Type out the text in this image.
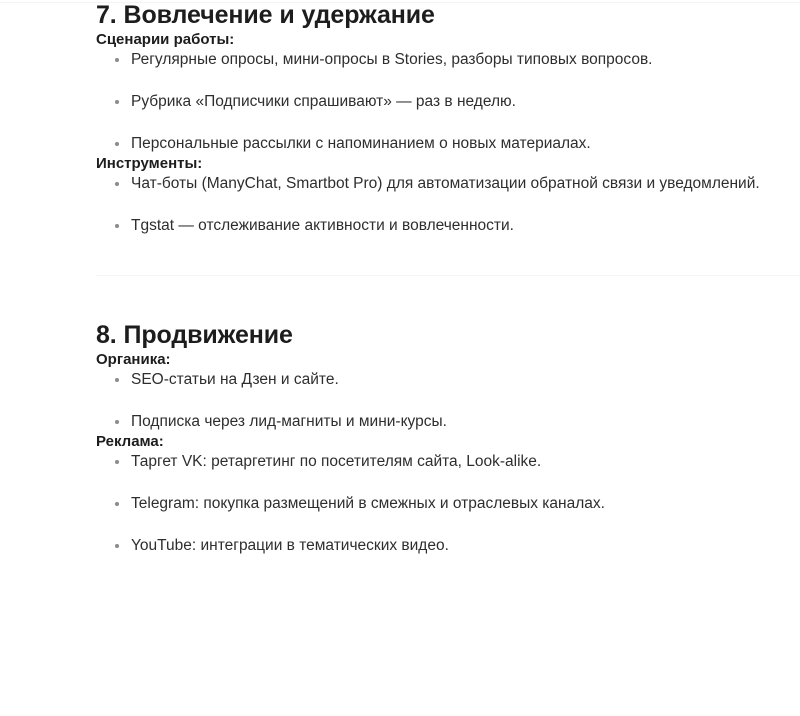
7. Вовлечение и удержание
Сценарии работы:
Регулярные опросы, мини-опросы в Stories, разборы типовых вопросов.
Рубрика «Подписчики спрашивают» — раз в неделю.
Персональные рассылки с напоминанием о новых материалах.
Инструменты:
Чат-боты (ManyChat, Smartbot Pro) для автоматизации обратной связи и уведомлений.
Tgstat — отслеживание активности и вовлеченности.
8. Продвижение
Органика:
SEO-статьи на Дзен и сайте.
Подписка через лид-магниты и мини-курсы.
Реклама:
Таргет VK: ретаргетинг по посетителям сайта, Look-alike.
Telegram: покупка размещений в смежных и отраслевых каналах.
YouTube: интеграции в тематических видео.
